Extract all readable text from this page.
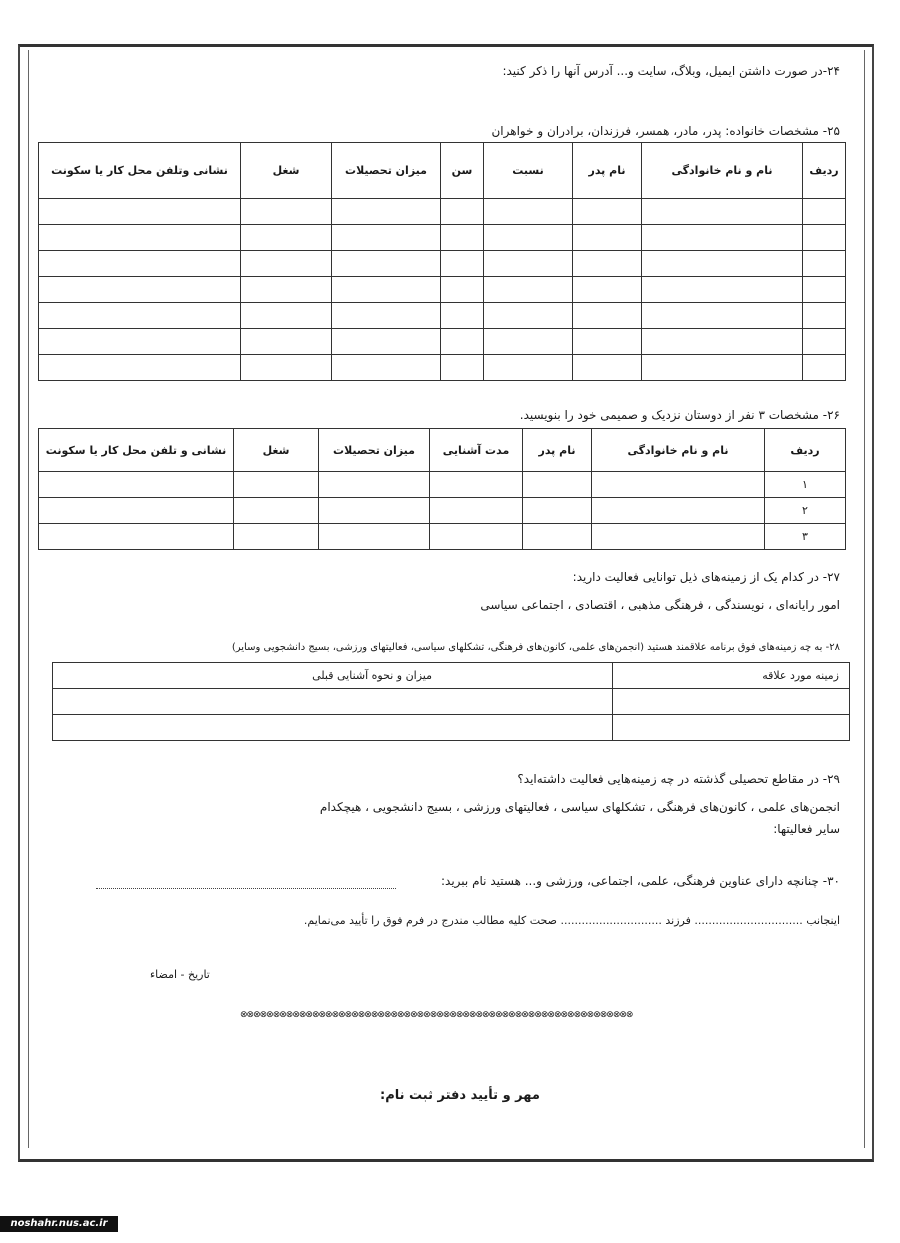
۲۴-در صورت داشتن ایمیل، وبلاگ، سایت و... آدرس آنها را ذکر کنید:
۲۵- مشخصات خانواده: پدر، مادر، همسر، فرزندان، برادران و خواهران
ردیف	نام و نام خانوادگی	نام پدر	نسبت	سن	میزان تحصیلات	شغل	نشانی وتلفن محل کار یا سکونت

۲۶- مشخصات ۳ نفر از دوستان نزدیک و صمیمی خود را بنویسید.
ردیف	نام و نام خانوادگی	نام پدر	مدت آشنایی	میزان تحصیلات	شغل	نشانی و تلفن محل کار یا سکونت
۱						
۲						
۳						
۲۷- در کدام یک از زمینه‌های ذیل توانایی فعالیت دارید:
امور رایانه‌ای ، نویسندگی ، فرهنگی مذهبی ، اقتصادی ، اجتماعی سیاسی
۲۸- به چه زمینه‌های فوق برنامه علاقمند هستید (انجمن‌های علمی، کانون‌های فرهنگی، تشکلهای سیاسی، فعالیتهای ورزشی، بسیج دانشجویی وسایر)
زمینه مورد علاقه	میزان و نحوه آشنایی قبلی

۲۹- در مقاطع تحصیلی گذشته در چه زمینه‌هایی فعالیت داشته‌اید؟
انجمن‌های علمی ، کانون‌های فرهنگی ، تشکلهای سیاسی ، فعالیتهای ورزشی ، بسیج دانشجویی ، هیچکدام
سایر فعالیتها:
۳۰- چنانچه دارای عناوین فرهنگی، علمی، اجتماعی، ورزشی و... هستید نام ببرید:
اینجانب ............................... فرزند ............................. صحت کلیه مطالب مندرج در فرم فوق را تأیید می‌نمایم.
تاریخ - امضاء
⊗⊗⊗⊗⊗⊗⊗⊗⊗⊗⊗⊗⊗⊗⊗⊗⊗⊗⊗⊗⊗⊗⊗⊗⊗⊗⊗⊗⊗⊗⊗⊗⊗⊗⊗⊗⊗⊗⊗⊗⊗⊗⊗⊗⊗⊗⊗⊗⊗⊗⊗⊗⊗⊗⊗⊗⊗⊗⊗⊗
مهر و تأیید دفتر ثبت نام:
noshahr.nus.ac.ir
